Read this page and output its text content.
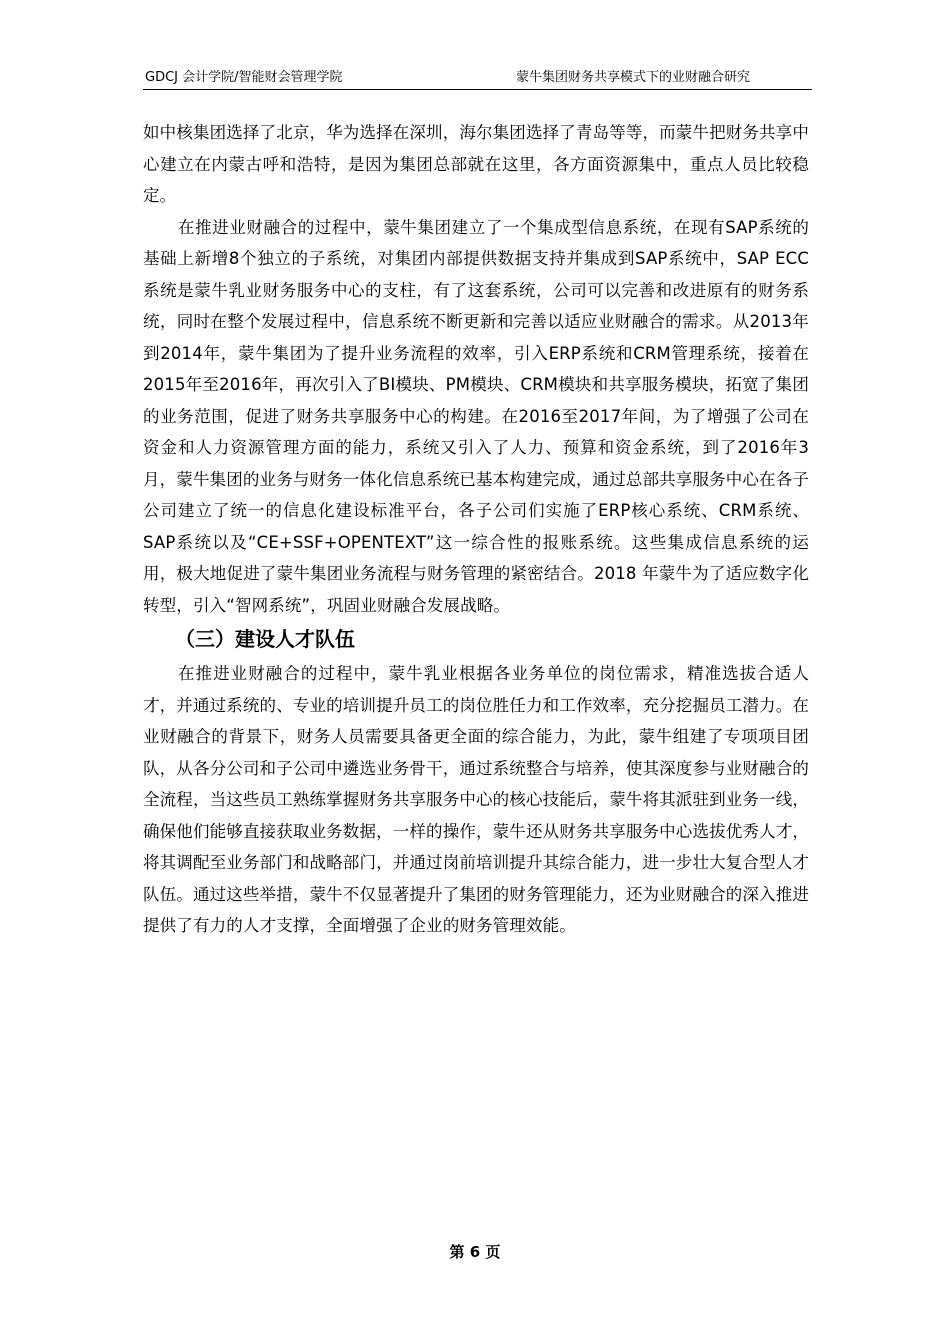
GDCJ 会计学院/智能财会管理学院	蒙牛集团财务共享模式下的业财融合研究

如中核集团选择了北京，华为选择在深圳，海尔集团选择了青岛等等，而蒙牛把财务共享中心建立在内蒙古呼和浩特，是因为集团总部就在这里，各方面资源集中，重点人员比较稳定。

在推进业财融合的过程中，蒙牛集团建立了一个集成型信息系统，在现有SAP系统的基础上新增8个独立的子系统，对集团内部提供数据支持并集成到SAP系统中，SAP ECC 系统是蒙牛乳业财务服务中心的支柱，有了这套系统，公司可以完善和改进原有的财务系统，同时在整个发展过程中，信息系统不断更新和完善以适应业财融合的需求。从2013年到2014年，蒙牛集团为了提升业务流程的效率，引入ERP系统和CRM管理系统，接着在2015年至2016年，再次引入了BI模块、PM模块、CRM模块和共享服务模块，拓宽了集团的业务范围，促进了财务共享服务中心的构建。在2016至2017年间，为了增强了公司在资金和人力资源管理方面的能力，系统又引入了人力、预算和资金系统，到了2016年3月，蒙牛集团的业务与财务一体化信息系统已基本构建完成，通过总部共享服务中心在各子公司建立了统一的信息化建设标准平台，各子公司们实施了ERP核心系统、CRM系统、SAP系统以及“CE+SSF+OPENTEXT”这一综合性的报账系统。这些集成信息系统的运用，极大地促进了蒙牛集团业务流程与财务管理的紧密结合。2018 年蒙牛为了适应数字化转型，引入“智网系统”，巩固业财融合发展战略。

（三）建设人才队伍

在推进业财融合的过程中，蒙牛乳业根据各业务单位的岗位需求，精准选拔合适人才，并通过系统的、专业的培训提升员工的岗位胜任力和工作效率，充分挖掘员工潜力。在业财融合的背景下，财务人员需要具备更全面的综合能力，为此，蒙牛组建了专项项目团队，从各分公司和子公司中遴选业务骨干，通过系统整合与培养，使其深度参与业财融合的全流程，当这些员工熟练掌握财务共享服务中心的核心技能后，蒙牛将其派驻到业务一线，确保他们能够直接获取业务数据，一样的操作，蒙牛还从财务共享服务中心选拔优秀人才，将其调配至业务部门和战略部门，并通过岗前培训提升其综合能力，进一步壮大复合型人才队伍。通过这些举措，蒙牛不仅显著提升了集团的财务管理能力，还为业财融合的深入推进提供了有力的人才支撑，全面增强了企业的财务管理效能。

第 6 页
